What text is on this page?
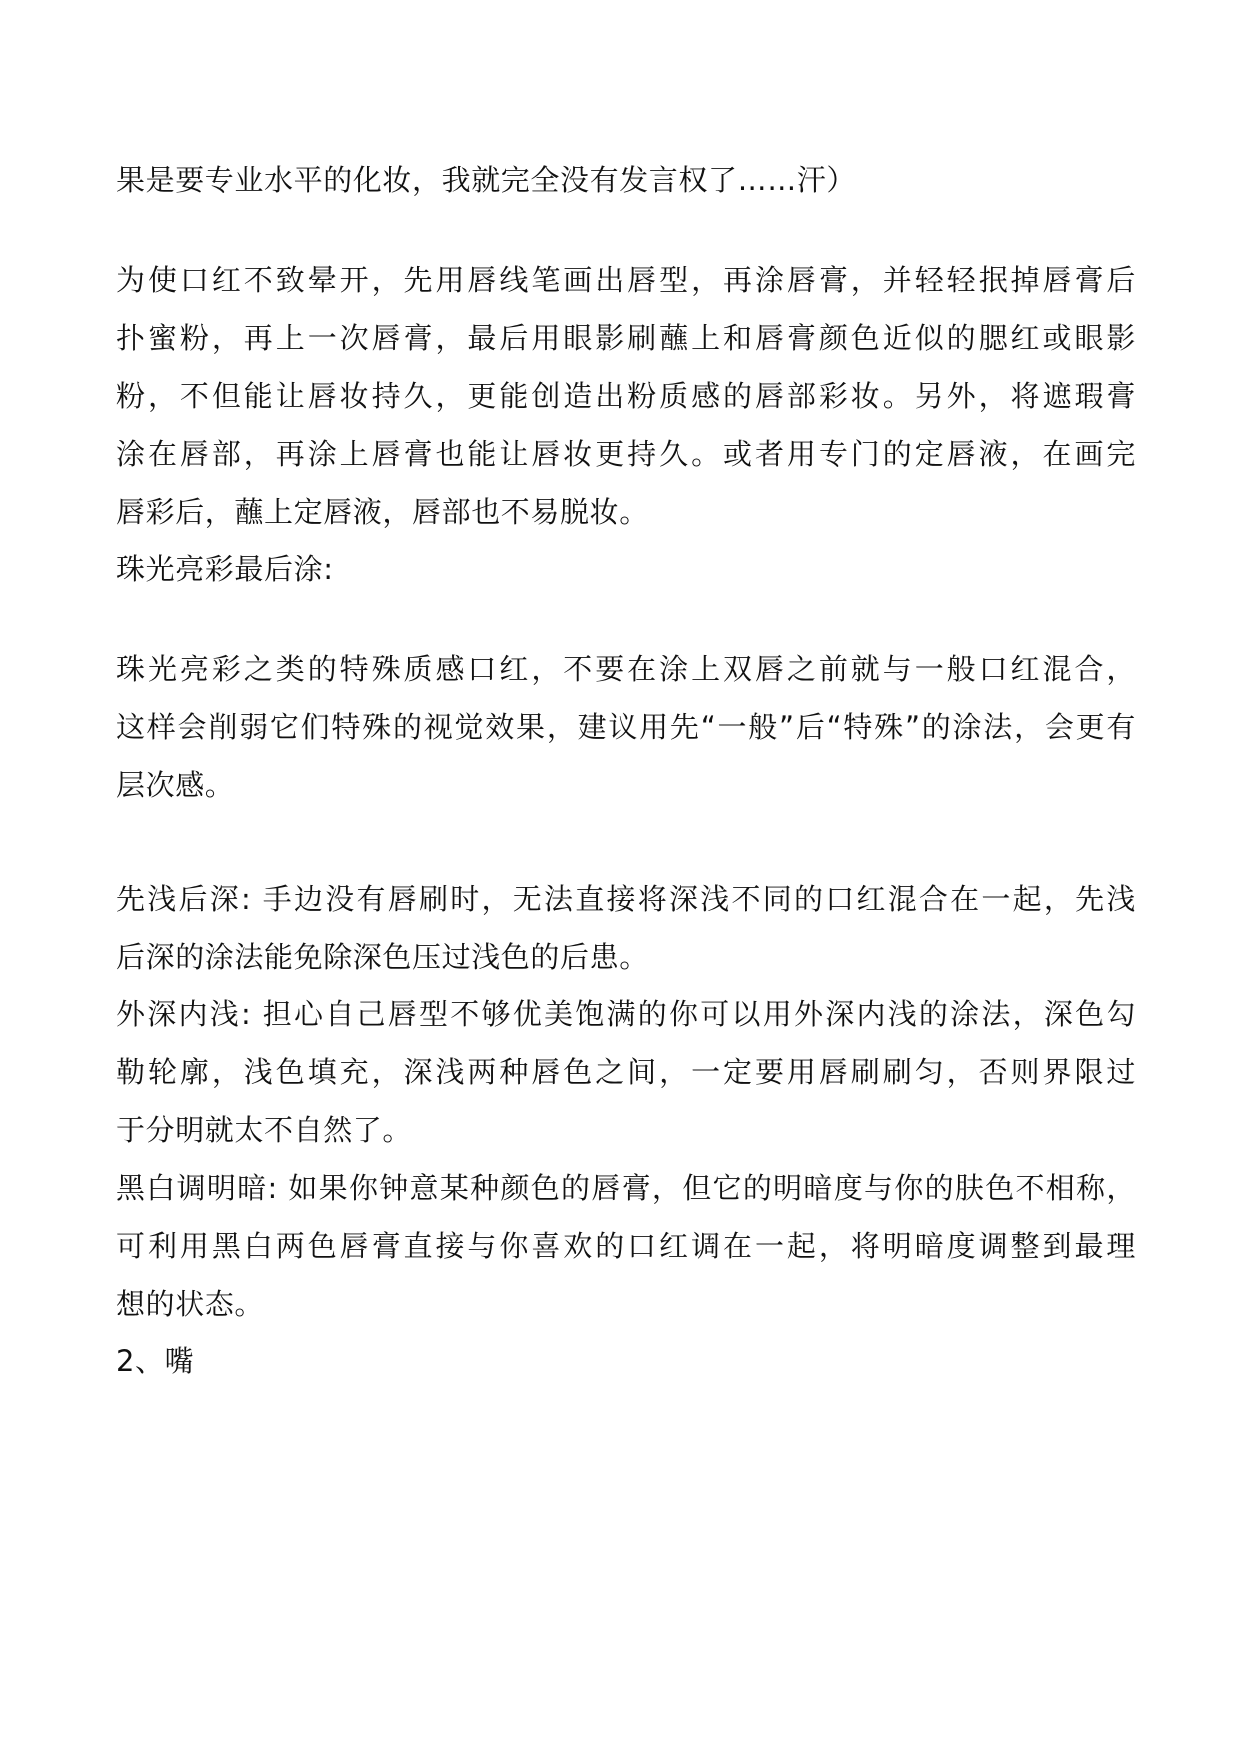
果是要专业水平的化妆，我就完全没有发言权了……汗）
为使口红不致晕开，先用唇线笔画出唇型，再涂唇膏，并轻轻抿掉唇膏后
扑蜜粉，再上一次唇膏，最后用眼影刷蘸上和唇膏颜色近似的腮红或眼影
粉，不但能让唇妆持久，更能创造出粉质感的唇部彩妆。另外，将遮瑕膏
涂在唇部，再涂上唇膏也能让唇妆更持久。或者用专门的定唇液，在画完
唇彩后，蘸上定唇液，唇部也不易脱妆。
珠光亮彩最后涂:
珠光亮彩之类的特殊质感口红，不要在涂上双唇之前就与一般口红混合，
这样会削弱它们特殊的视觉效果，建议用先“一般”后“特殊”的涂法，会更有
层次感。
先浅后深: 手边没有唇刷时，无法直接将深浅不同的口红混合在一起，先浅
后深的涂法能免除深色压过浅色的后患。
外深内浅: 担心自己唇型不够优美饱满的你可以用外深内浅的涂法，深色勾
勒轮廓，浅色填充，深浅两种唇色之间，一定要用唇刷刷匀，否则界限过
于分明就太不自然了。
黑白调明暗: 如果你钟意某种颜色的唇膏，但它的明暗度与你的肤色不相称，
可利用黑白两色唇膏直接与你喜欢的口红调在一起，将明暗度调整到最理
想的状态。
2、嘴
